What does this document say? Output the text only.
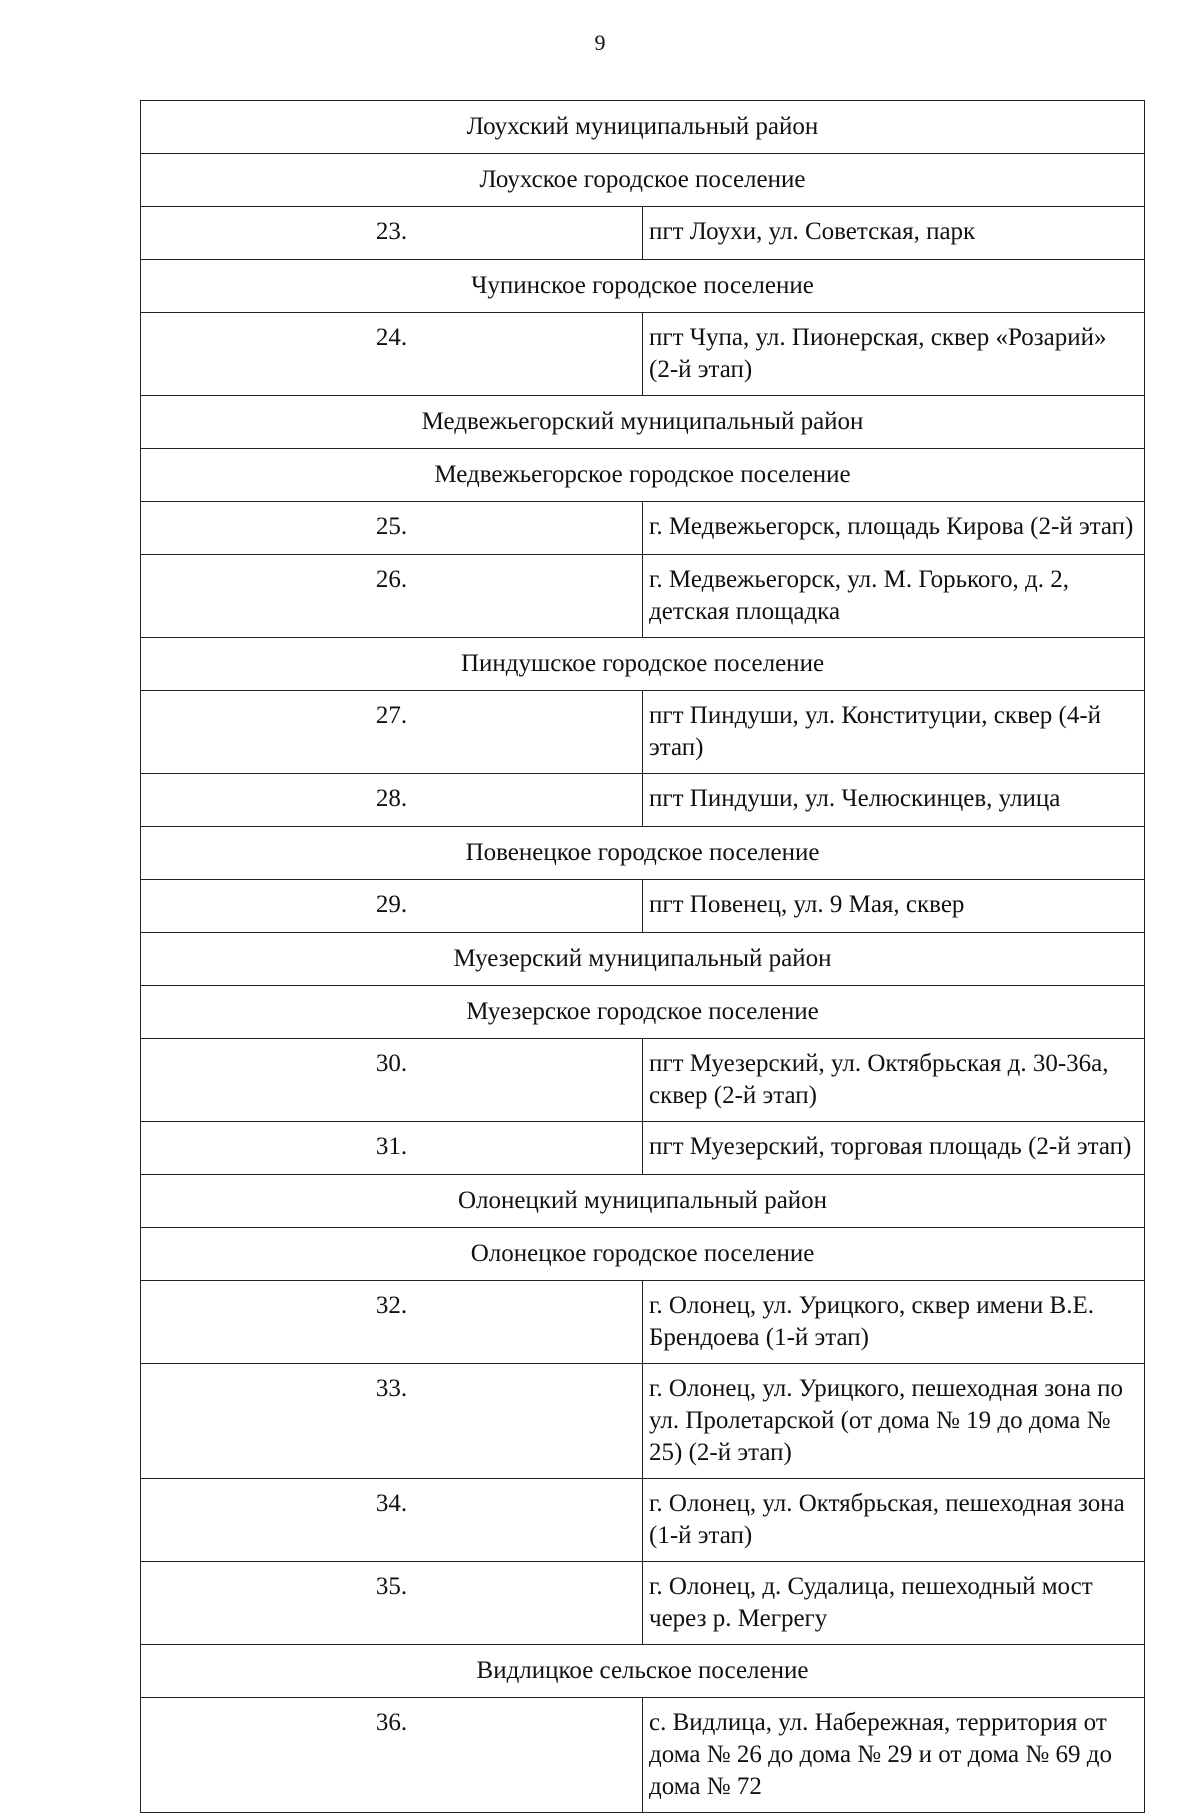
9
Лоухский муниципальный район	
Лоухское городское поселение	
23.	пгт Лоухи, ул. Советская, парк
Чупинское городское поселение	
24.	пгт Чупа, ул. Пионерская, сквер «Розарий» (2-й этап)
Медвежьегорский муниципальный район	
Медвежьегорское городское поселение	
25.	г. Медвежьегорск, площадь Кирова (2-й этап)
26.	г. Медвежьегорск, ул. М. Горького, д. 2, детская площадка
Пиндушское городское поселение	
27.	пгт Пиндуши, ул. Конституции, сквер (4-й этап)
28.	пгт Пиндуши, ул. Челюскинцев, улица
Повенецкое городское поселение	
29.	пгт Повенец, ул. 9 Мая, сквер
Муезерский муниципальный район	
Муезерское городское поселение	
30.	пгт Муезерский, ул. Октябрьская д. 30-36а, сквер (2-й этап)
31.	пгт Муезерский, торговая площадь (2-й этап)
Олонецкий муниципальный район	
Олонецкое городское поселение	
32.	г. Олонец, ул. Урицкого, сквер имени В.Е. Брендоева (1-й этап)
33.	г. Олонец, ул. Урицкого, пешеходная зона по ул. Пролетарской (от дома № 19 до дома № 25) (2-й этап)
34.	г. Олонец, ул. Октябрьская, пешеходная зона (1-й этап)
35.	г. Олонец, д. Судалица, пешеходный мост через р. Мегрегу
Видлицкое сельское поселение	
36.	с. Видлица, ул. Набережная, территория от дома № 26 до дома № 29 и от дома № 69 до дома № 72
